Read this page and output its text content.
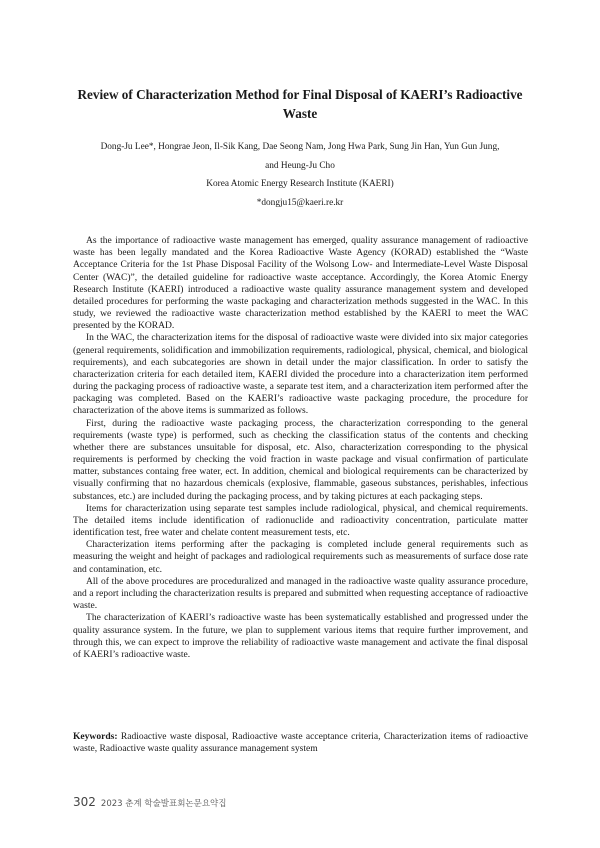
Review of Characterization Method for Final Disposal of KAERI’s Radioactive Waste
Dong-Ju Lee*, Hongrae Jeon, Il-Sik Kang, Dae Seong Nam, Jong Hwa Park, Sung Jin Han, Yun Gun Jung,
and Heung-Ju Cho
Korea Atomic Energy Research Institute (KAERI)
*dongju15@kaeri.re.kr

As the importance of radioactive waste management has emerged, quality assurance management of radioactive waste has been legally mandated and the Korea Radioactive Waste Agency (KORAD) established the “Waste Acceptance Criteria for the 1st Phase Disposal Facility of the Wolsong Low- and Intermediate-Level Waste Disposal Center (WAC)”, the detailed guideline for radioactive waste acceptance. Accordingly, the Korea Atomic Energy Research Institute (KAERI) introduced a radioactive waste quality assurance management system and developed detailed procedures for performing the waste packaging and characterization methods suggested in the WAC. In this study, we reviewed the radioactive waste characterization method established by the KAERI to meet the WAC presented by the KORAD.

In the WAC, the characterization items for the disposal of radioactive waste were divided into six major categories (general requirements, solidification and immobilization requirements, radiological, physical, chemical, and biological requirements), and each subcategories are shown in detail under the major classification. In order to satisfy the characterization criteria for each detailed item, KAERI divided the procedure into a characterization item performed during the packaging process of radioactive waste, a separate test item, and a characterization item performed after the packaging was completed. Based on the KAERI’s radioactive waste packaging procedure, the procedure for characterization of the above items is summarized as follows.

First, during the radioactive waste packaging process, the characterization corresponding to the general requirements (waste type) is performed, such as checking the classification status of the contents and checking whether there are substances unsuitable for disposal, etc. Also, characterization corresponding to the physical requirements is performed by checking the void fraction in waste package and visual confirmation of particulate matter, substances containg free water, ect. In addition, chemical and biological requirements can be characterized by visually confirming that no hazardous chemicals (explosive, flammable, gaseous substances, perishables, infectious substances, etc.) are included during the packaging process, and by taking pictures at each packaging steps.

Items for characterization using separate test samples include radiological, physical, and chemical requirements. The detailed items include identification of radionuclide and radioactivity concentration, particulate matter identification test, free water and chelate content measurement tests, etc.

Characterization items performing after the packaging is completed include general requirements such as measuring the weight and height of packages and radiological requirements such as measurements of surface dose rate and contamination, etc.

All of the above procedures are proceduralized and managed in the radioactive waste quality assurance procedure, and a report including the characterization results is prepared and submitted when requesting acceptance of radioactive waste.

The characterization of KAERI’s radioactive waste has been systematically established and progressed under the quality assurance system. In the future, we plan to supplement various items that require further improvement, and through this, we can expect to improve the reliability of radioactive waste management and activate the final disposal of KAERI’s radioactive waste.

Keywords: Radioactive waste disposal, Radioactive waste acceptance criteria, Characterization items of radioactive waste, Radioactive waste quality assurance management system
302 2023 춘계 학술발표회논문요약집
